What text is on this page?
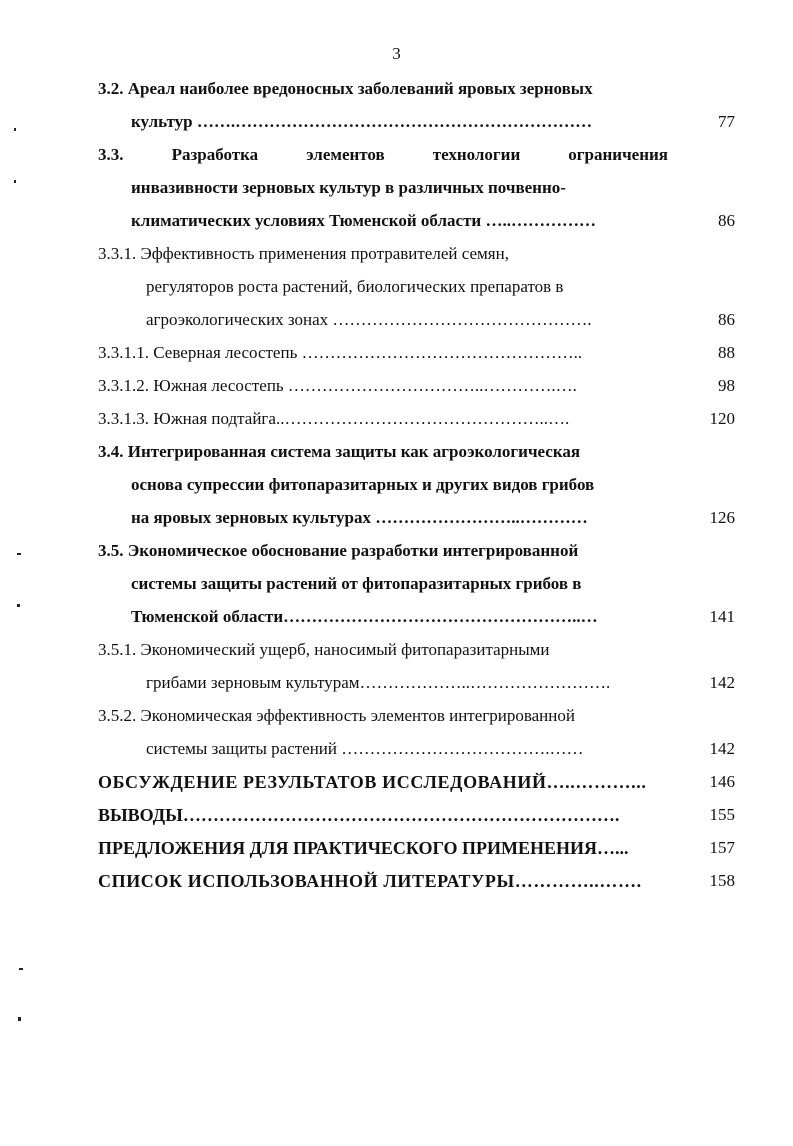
3
3.2. Ареал наиболее вредоносных заболеваний яровых зерновых
культур …….………………………………………………………	77
3.3. Разработка элементов технологии ограничения
инвазивности зерновых культур в различных почвенно-
климатических условиях Тюменской области …..……………	86
3.3.1. Эффективность применения протравителей семян,
регуляторов роста растений, биологических препаратов в
агроэкологических зонах ……………………………………….	86
3.3.1.1. Северная лесостепь …………………………………………..	88
3.3.1.2. Южная лесостепь ……………………………..………….….	98
3.3.1.3. Южная подтайга..………………………………………..….	120
3.4. Интегрированная система защиты как агроэкологическая
основа супрессии фитопаразитарных и других видов грибов
на яровых зерновых культурах ……………………..…………	126
3.5. Экономическое обоснование разработки интегрированной
системы защиты растений от фитопаразитарных грибов в
Тюменской области……………………………………………..…	141
3.5.1. Экономический ущерб, наносимый фитопаразитарными
грибами зерновым культурам………………..…………………….	142
3.5.2. Экономическая эффективность элементов интегрированной
системы защиты растений ……………………………….……	142
ОБСУЖДЕНИЕ РЕЗУЛЬТАТОВ ИССЛЕДОВАНИЙ…..………...	146
ВЫВОДЫ……………………………………………………………….	155
ПРЕДЛОЖЕНИЯ ДЛЯ ПРАКТИЧЕСКОГО ПРИМЕНЕНИЯ…...	157
СПИСОК ИСПОЛЬЗОВАННОЙ ЛИТЕРАТУРЫ…………..…….	158
